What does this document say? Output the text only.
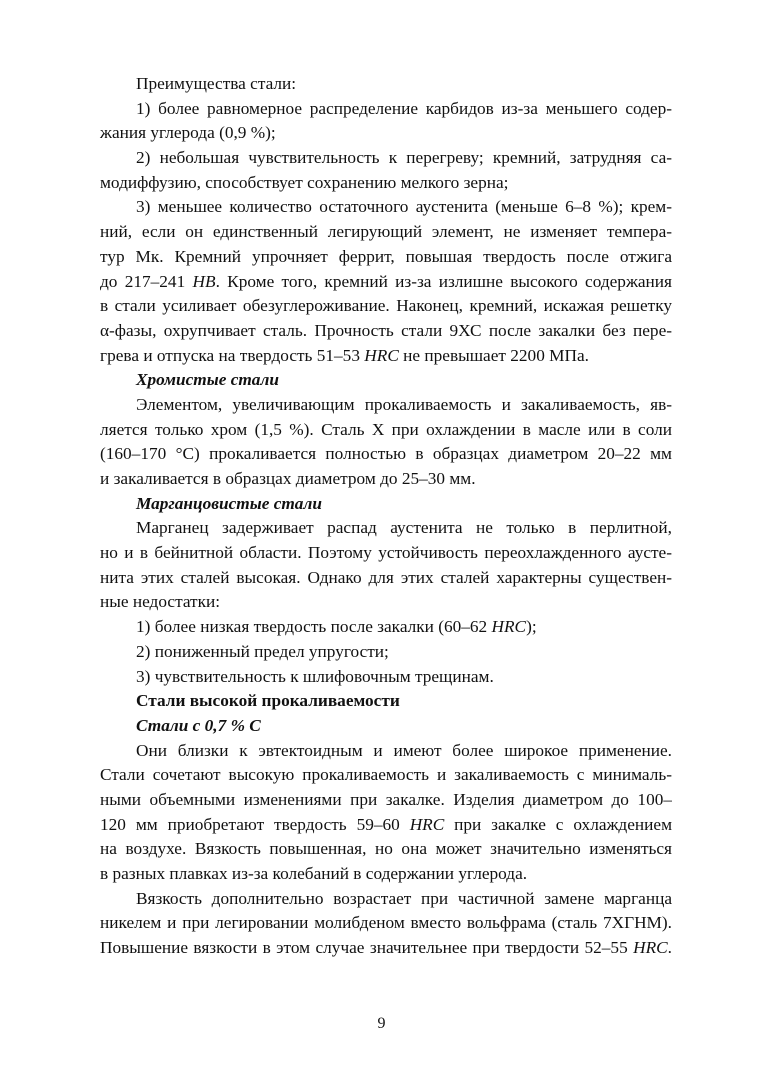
Преимущества стали:
1) более равномерное распределение карбидов из-за меньшего содер-
жания углерода (0,9 %);
2) небольшая чувствительность к перегреву; кремний, затрудняя са-
модиффузию, способствует сохранению мелкого зерна;
3) меньшее количество остаточного аустенита (меньше 6–8 %); крем-
ний, если он единственный легирующий элемент, не изменяет темпера-
тур Мк. Кремний упрочняет феррит, повышая твердость после отжига
до 217–241 HB. Кроме того, кремний из-за излишне высокого содержания
в стали усиливает обезуглероживание. Наконец, кремний, искажая решетку
α-фазы, охрупчивает сталь. Прочность стали 9ХС после закалки без пере-
грева и отпуска на твердость 51–53 HRC не превышает 2200 МПа.
Хромистые стали
Элементом, увеличивающим прокаливаемость и закаливаемость, яв-
ляется только хром (1,5 %). Сталь Х при охлаждении в масле или в соли
(160–170 °С) прокаливается полностью в образцах диаметром 20–22 мм
и закаливается в образцах диаметром до 25–30 мм.
Марганцовистые стали
Марганец задерживает распад аустенита не только в перлитной,
но и в бейнитной области. Поэтому устойчивость переохлажденного аусте-
нита этих сталей высокая. Однако для этих сталей характерны существен-
ные недостатки:
1) более низкая твердость после закалки (60–62 HRC);
2) пониженный предел упругости;
3) чувствительность к шлифовочным трещинам.
Стали высокой прокаливаемости
Стали с 0,7 % С
Они близки к эвтектоидным и имеют более широкое применение.
Стали сочетают высокую прокаливаемость и закаливаемость с минималь-
ными объемными изменениями при закалке. Изделия диаметром до 100–
120 мм приобретают твердость 59–60 HRC при закалке с охлаждением
на воздухе. Вязкость повышенная, но она может значительно изменяться
в разных плавках из-за колебаний в содержании углерода.
Вязкость дополнительно возрастает при частичной замене марганца
никелем и при легировании молибденом вместо вольфрама (сталь 7ХГНМ).
Повышение вязкости в этом случае значительнее при твердости 52–55 HRC.
9
